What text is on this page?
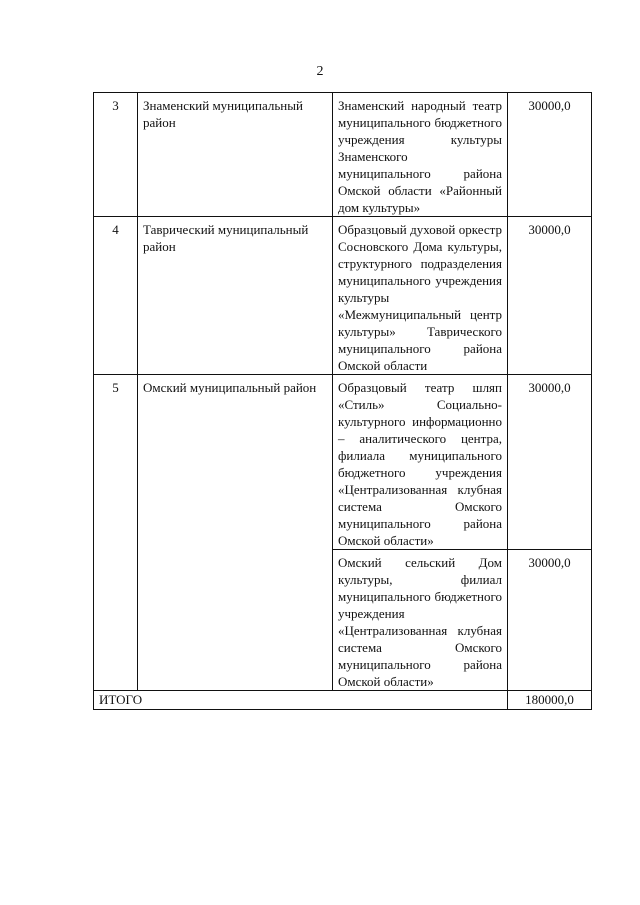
2
3	Знаменский муниципальный район	Знаменский народный театр муниципального бюджетного учреждения культуры Знаменского муниципального района Омской области «Районный дом культуры»	30000,0
4	Таврический муниципальный район	Образцовый духовой оркестр Сосновского Дома культуры, структурного подразделения муниципального учреждения культуры «Межмуниципальный центр культуры» Таврического муниципального района Омской области	30000,0
5	Омский муниципальный район	Образцовый театр шляп «Стиль» Социально-культурного информационно – аналитического центра, филиала муниципального бюджетного учреждения «Централизованная клубная система Омского муниципального района Омской области»	30000,0
		Омский сельский Дом культуры, филиал муниципального бюджетного учреждения «Централизованная клубная система Омского муниципального района Омской области»	30000,0
ИТОГО			180000,0
